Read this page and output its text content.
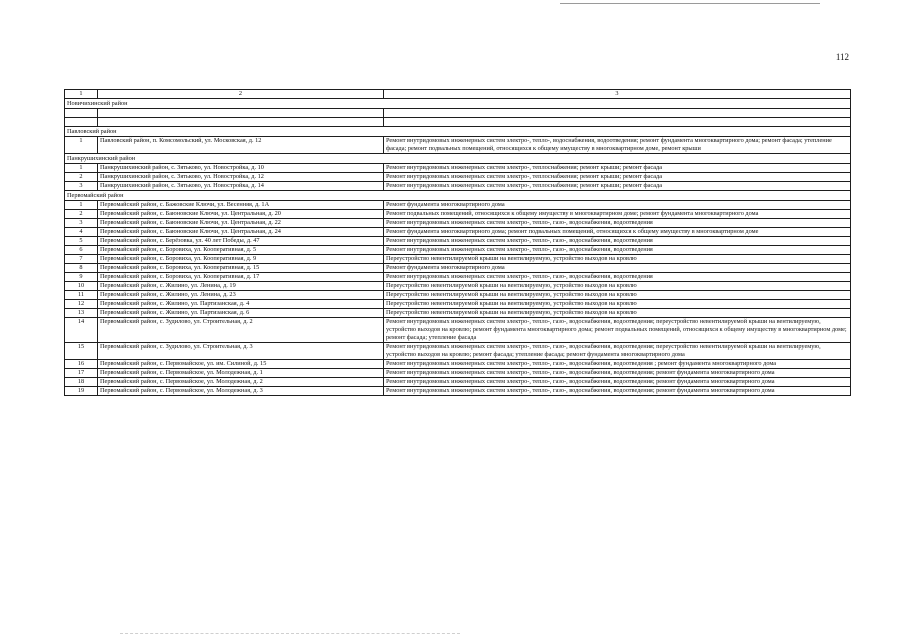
112
1	2	3
Новичихинский район		

Павловский район		
1	Павловский район, п. Комсомольский, ул. Московская, д. 12	Ремонт внутридомовых инженерных систем электро-, тепло-, водоснабжения, водоотведения; ремонт фундамента многоквартирного дома; ремонт фасада; утепление фасада; ремонт подвальных помещений, относящихся к общему имуществу в многоквартирном доме, ремонт крыши
Панкрушихинский район		
1	Панкрушихинский район, с. Зятьково, ул. Новостройка, д. 10	Ремонт внутридомовых инженерных систем электро-, теплоснабжения; ремонт крыши; ремонт фасада
2	Панкрушихинский район, с. Зятьково, ул. Новостройка, д. 12	Ремонт внутридомовых инженерных систем электро-, теплоснабжения; ремонт крыши; ремонт фасада
3	Панкрушихинский район, с. Зятьково, ул. Новостройка, д. 14	Ремонт внутридомовых инженерных систем электро-, теплоснабжения; ремонт крыши; ремонт фасада
Первомайский район		
1	Первомайский район, с. Бажовские Ключи, ул. Весенняя, д. 1А	Ремонт фундамента многоквартирного дома
2	Первомайский район, с. Баюновские Ключи, ул. Центральная, д. 20	Ремонт подвальных помещений, относящихся к общему имуществу в многоквартирном доме; ремонт фундамента многоквартирного дома
3	Первомайский район, с. Баюновские Ключи, ул. Центральная, д. 22	Ремонт внутридомовых инженерных систем электро-, тепло-, газо-, водоснабжения, водоотведения
4	Первомайский район, с. Баюновские Ключи, ул. Центральная, д. 24	Ремонт фундамента многоквартирного дома; ремонт подвальных помещений, относящихся к общему имуществу в многоквартирном доме
5	Первомайский район, с. Берёзовка, ул. 40 лет Победы, д. 47	Ремонт внутридомовых инженерных систем электро-, тепло-, газо-, водоснабжения, водоотведения
6	Первомайский район, с. Боровиха, ул. Кооперативная, д. 5	Ремонт внутридомовых инженерных систем электро-, тепло-, газо-, водоснабжения, водоотведения
7	Первомайский район, с. Боровиха, ул. Кооперативная, д. 9	Переустройство невентилируемой крыши на вентилируемую, устройство выходов на кровлю
8	Первомайский район, с. Боровиха, ул. Кооперативная, д. 15	Ремонт фундамента многоквартирного дома
9	Первомайский район, с. Боровиха, ул. Кооперативная, д. 17	Ремонт внутридомовых инженерных систем электро-, тепло-, газо-, водоснабжения, водоотведения
10	Первомайский район, с. Жилино, ул. Ленина, д. 19	Переустройство невентилируемой крыши на вентилируемую, устройство выходов на кровлю
11	Первомайский район, с. Жилино, ул. Ленина, д. 23	Переустройство невентилируемой крыши на вентилируемую, устройство выходов на кровлю
12	Первомайский район, с. Жилино, ул. Партизанская, д. 4	Переустройство невентилируемой крыши на вентилируемую, устройство выходов на кровлю
13	Первомайский район, с. Жилино, ул. Партизанская, д. 6	Переустройство невентилируемой крыши на вентилируемую, устройство выходов на кровлю
14	Первомайский район, с. Зудилово, ул. Строительная, д. 2	Ремонт внутридомовых инженерных систем электро-, тепло-, газо-, водоснабжения, водоотведения; переустройство невентилируемой крыши на вентилируемую, устройство выходов на кровлю; ремонт фундамента многоквартирного дома; ремонт подвальных помещений, относящихся к общему имуществу в многоквартирном доме; ремонт фасада; утепление фасада
15	Первомайский район, с. Зудилово, ул. Строительная, д. 3	Ремонт внутридомовых инженерных систем электро-, тепло-, газо-, водоснабжения, водоотведения; переустройство невентилируемой крыши на вентилируемую, устройство выходов на кровлю; ремонт фасада; утепление фасада; ремонт фундамента многоквартирного дома
16	Первомайский район, с. Первомайское, ул. им. Силиной, д. 15	Ремонт внутридомовых инженерных систем электро-, тепло-, газо-, водоснабжения, водоотведения ; ремонт фундамента многоквартирного дома
17	Первомайский район, с. Первомайское, ул. Молодежная, д. 1	Ремонт внутридомовых инженерных систем электро-, тепло-, газо-, водоснабжения, водоотведения; ремонт фундамента многоквартирного дома
18	Первомайский район, с. Первомайское, ул. Молодежная, д. 2	Ремонт внутридомовых инженерных систем электро-, тепло-, газо-, водоснабжения, водоотведения; ремонт фундамента многоквартирного дома
19	Первомайский район, с. Первомайское, ул. Молодежная, д. 3	Ремонт внутридомовых инженерных систем электро-, тепло-, газо-, водоснабжения, водоотведения; ремонт фундамента многоквартирного дома
